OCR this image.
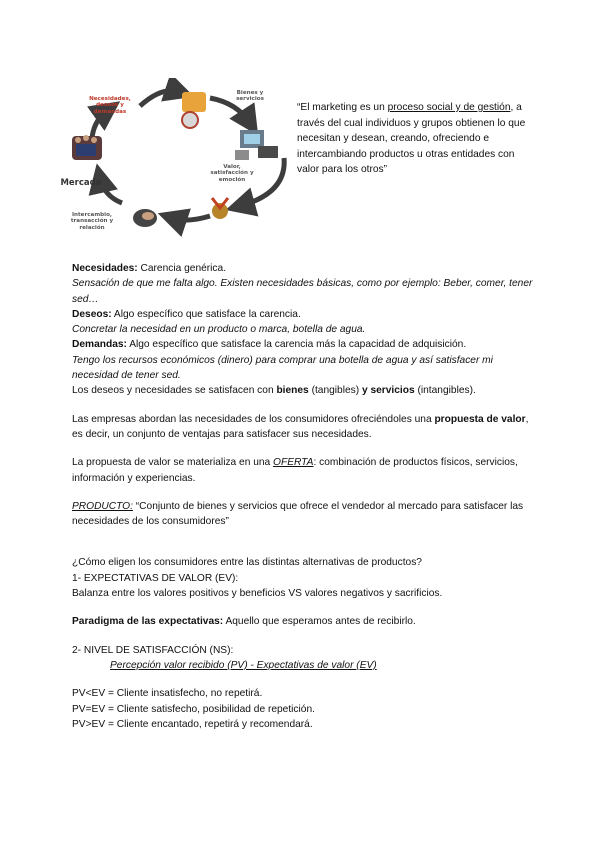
Necesidades,
deseos y
demandas
Bienes y
servicios
Valor,
satisfacción y
emoción
Intercambio,
transacción y
relación
Mercado
“El marketing es un proceso social y de gestión, a través del cual individuos y grupos obtienen lo que necesitan y desean, creando, ofreciendo e intercambiando productos u otras entidades con valor para los otros”

Necesidades: Carencia genérica.

Sensación de que me falta algo. Existen necesidades básicas, como por ejemplo: Beber, comer, tener sed…

Deseos: Algo específico que satisface la carencia.

Concretar la necesidad en un producto o marca, botella de agua.

Demandas: Algo específico que satisface la carencia más la capacidad de adquisición.

Tengo los recursos económicos (dinero) para comprar una botella de agua y así satisfacer mi necesidad de tener sed.

Los deseos y necesidades se satisfacen con bienes (tangibles) y servicios (intangibles).

Las empresas abordan las necesidades de los consumidores ofreciéndoles una propuesta de valor, es decir, un conjunto de ventajas para satisfacer sus necesidades.

La propuesta de valor se materializa en una OFERTA: combinación de productos físicos, servicios, información y experiencias.

PRODUCTO: “Conjunto de bienes y servicios que ofrece el vendedor al mercado para satisfacer las necesidades de los consumidores”

¿Cómo eligen los consumidores entre las distintas alternativas de productos?

1- EXPECTATIVAS DE VALOR (EV):

Balanza entre los valores positivos y beneficios VS valores negativos y sacrificios.

Paradigma de las expectativas: Aquello que esperamos antes de recibirlo.

2- NIVEL DE SATISFACCIÓN (NS):

Percepción valor recibido (PV) - Expectativas de valor (EV)

PV<EV = Cliente insatisfecho, no repetirá.

PV=EV = Cliente satisfecho, posibilidad de repetición.

PV>EV = Cliente encantado, repetirá y recomendará.
